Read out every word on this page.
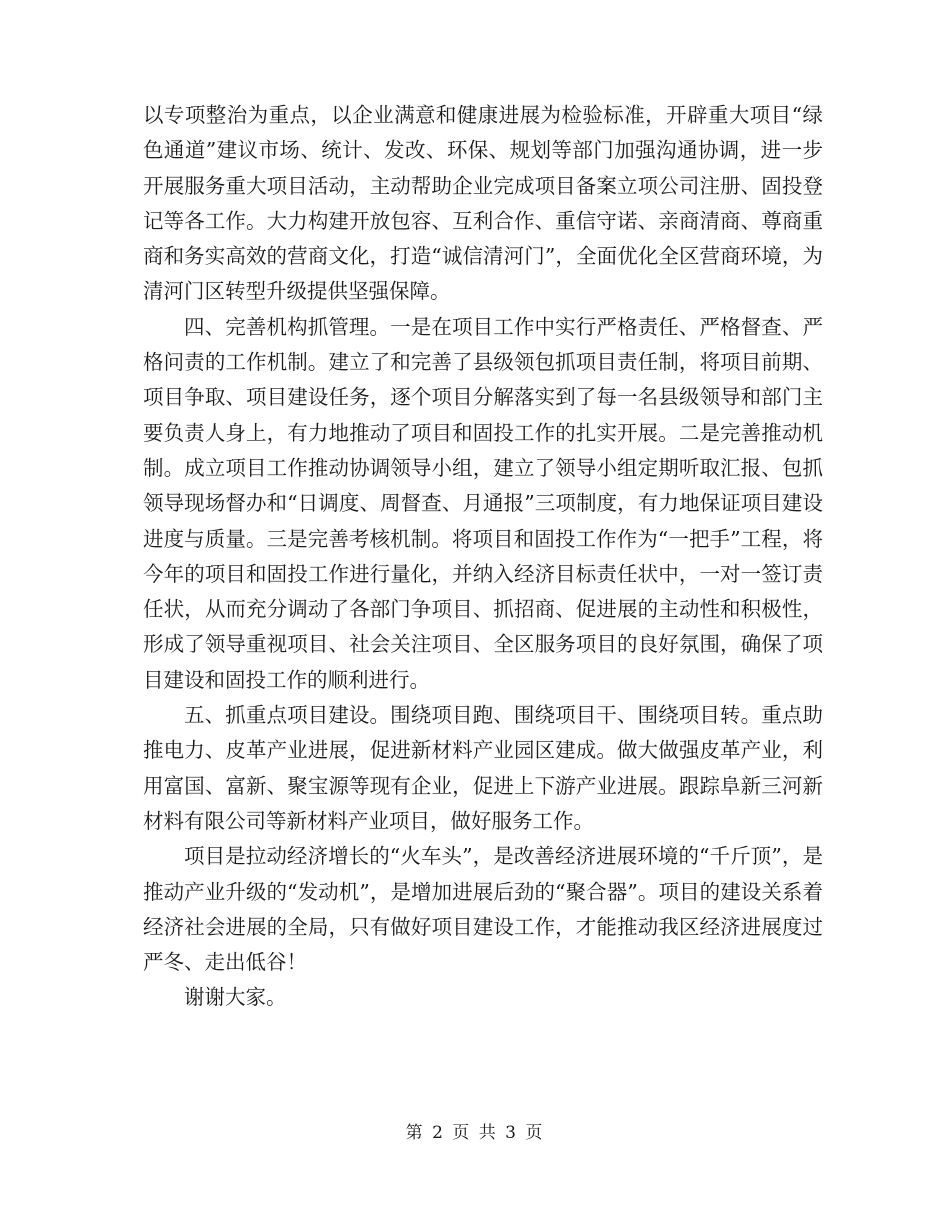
以专项整治为重点，以企业满意和健康进展为检验标准，开辟重大项目“绿色通道”建议市场、统计、发改、环保、规划等部门加强沟通协调，进一步开展服务重大项目活动，主动帮助企业完成项目备案立项公司注册、固投登记等各工作。大力构建开放包容、互利合作、重信守诺、亲商清商、尊商重商和务实高效的营商文化，打造“诚信清河门”，全面优化全区营商环境，为清河门区转型升级提供坚强保障。

四、完善机构抓管理。一是在项目工作中实行严格责任、严格督查、严格问责的工作机制。建立了和完善了县级领包抓项目责任制，将项目前期、项目争取、项目建设任务，逐个项目分解落实到了每一名县级领导和部门主要负责人身上，有力地推动了项目和固投工作的扎实开展。二是完善推动机制。成立项目工作推动协调领导小组，建立了领导小组定期听取汇报、包抓领导现场督办和“日调度、周督查、月通报”三项制度，有力地保证项目建设进度与质量。三是完善考核机制。将项目和固投工作作为“一把手”工程，将今年的项目和固投工作进行量化，并纳入经济目标责任状中，一对一签订责任状，从而充分调动了各部门争项目、抓招商、促进展的主动性和积极性，形成了领导重视项目、社会关注项目、全区服务项目的良好氛围，确保了项目建设和固投工作的顺利进行。

五、抓重点项目建设。围绕项目跑、围绕项目干、围绕项目转。重点助推电力、皮革产业进展，促进新材料产业园区建成。做大做强皮革产业，利用富国、富新、聚宝源等现有企业，促进上下游产业进展。跟踪阜新三河新材料有限公司等新材料产业项目，做好服务工作。

项目是拉动经济增长的“火车头”，是改善经济进展环境的“千斤顶”，是推动产业升级的“发动机”，是增加进展后劲的“聚合器”。项目的建设关系着经济社会进展的全局，只有做好项目建设工作，才能推动我区经济进展度过严冬、走出低谷！

谢谢大家。

第 2 页 共 3 页
